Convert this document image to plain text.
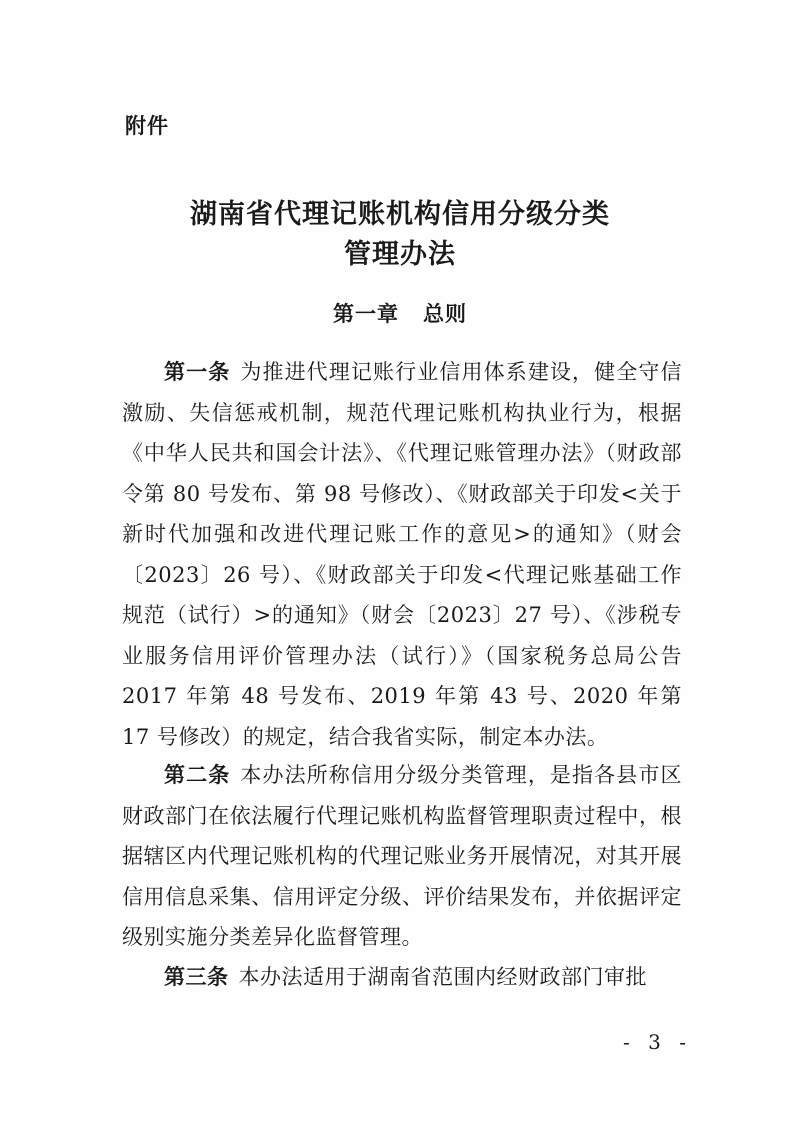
附件
湖南省代理记账机构信用分级分类
管理办法
第一章 总则

第一条 为推进代理记账行业信用体系建设，健全守信激励、失信惩戒机制，规范代理记账机构执业行为，根据《中华人民共和国会计法》、《代理记账管理办法》（财政部令第 80 号发布、第 98 号修改）、《财政部关于印发<关于新时代加强和改进代理记账工作的意见>的通知》（财会〔2023〕26 号）、《财政部关于印发<代理记账基础工作规范（试行）>的通知》（财会〔2023〕27 号）、《涉税专业服务信用评价管理办法（试行）》（国家税务总局公告 2017 年第 48 号发布、2019 年第 43 号、2020 年第 17 号修改）的规定，结合我省实际，制定本办法。

第二条 本办法所称信用分级分类管理，是指各县市区财政部门在依法履行代理记账机构监督管理职责过程中，根据辖区内代理记账机构的代理记账业务开展情况，对其开展信用信息采集、信用评定分级、评价结果发布，并依据评定级别实施分类差异化监督管理。

第三条 本办法适用于湖南省范围内经财政部门审批

- 3 -
